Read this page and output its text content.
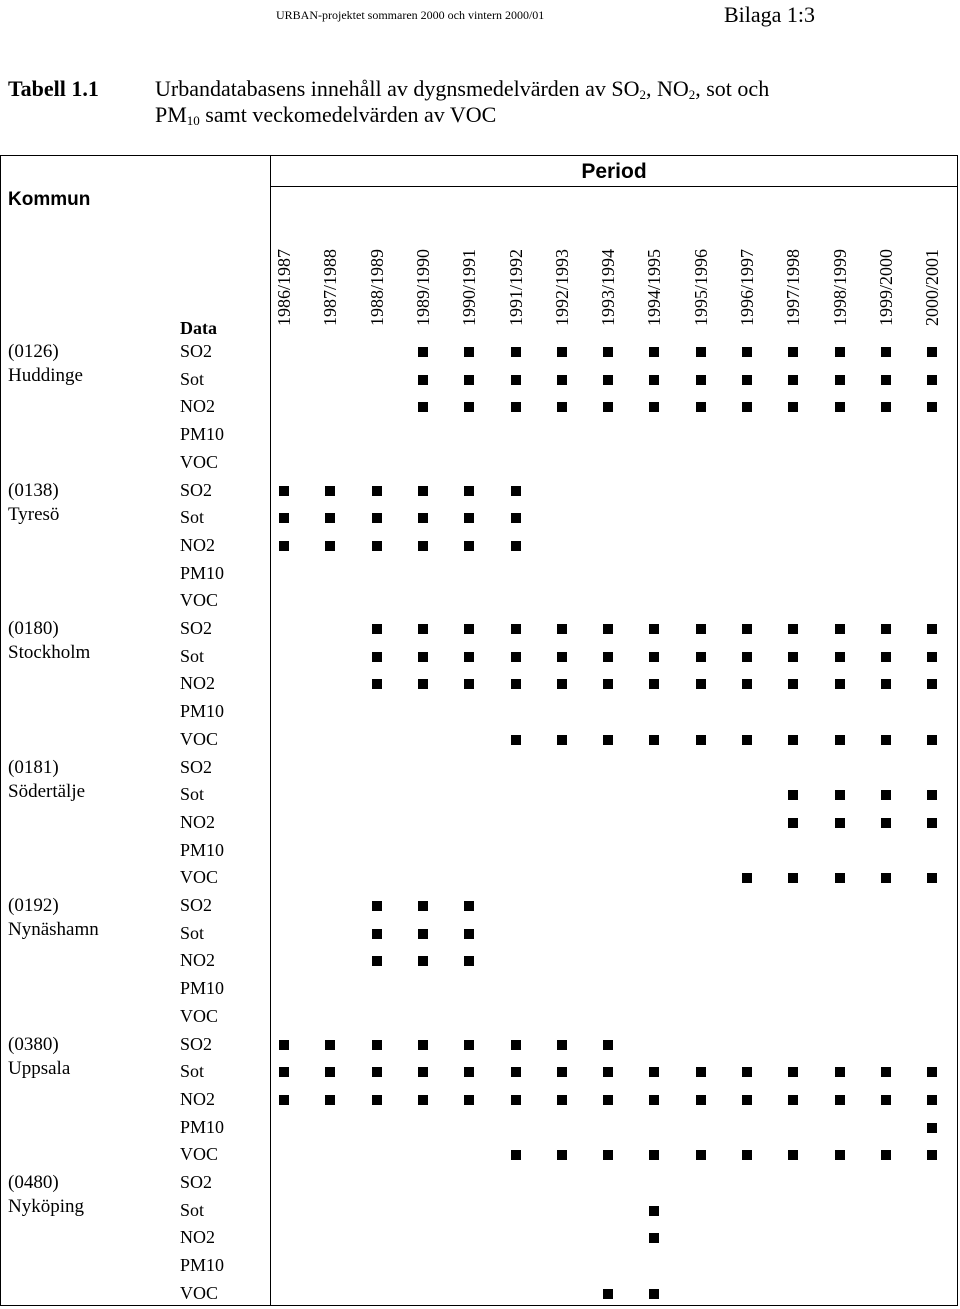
URBAN-projektet sommaren 2000 och vintern 2000/01	Bilaga 1:3
Tabell 1.1	Urbandatabasens innehåll av dygnsmedelvärden av $SO_2$, $NO_2$, sot och
$PM_{10}$ samt veckomedelvärden av VOC
Kommun
Period
Data
1986/1987 1987/1988 1988/1989 1989/1990 1990/1991 1991/1992 1992/1993 1993/1994 1994/1995 1995/1996 1996/1997 1997/1998 1998/1999 1999/2000 2000/2001
(0126)
Huddinge
SO2
Sot
NO2
PM10
VOC
(0138)
Tyresö
SO2
Sot
NO2
PM10
VOC
(0180)
Stockholm
SO2
Sot
NO2
PM10
VOC
(0181)
Södertälje
SO2
Sot
NO2
PM10
VOC
(0192)
Nynäshamn
SO2
Sot
NO2
PM10
VOC
(0380)
Uppsala
SO2
Sot
NO2
PM10
VOC
(0480)
Nyköping
SO2
Sot
NO2
PM10
VOC
